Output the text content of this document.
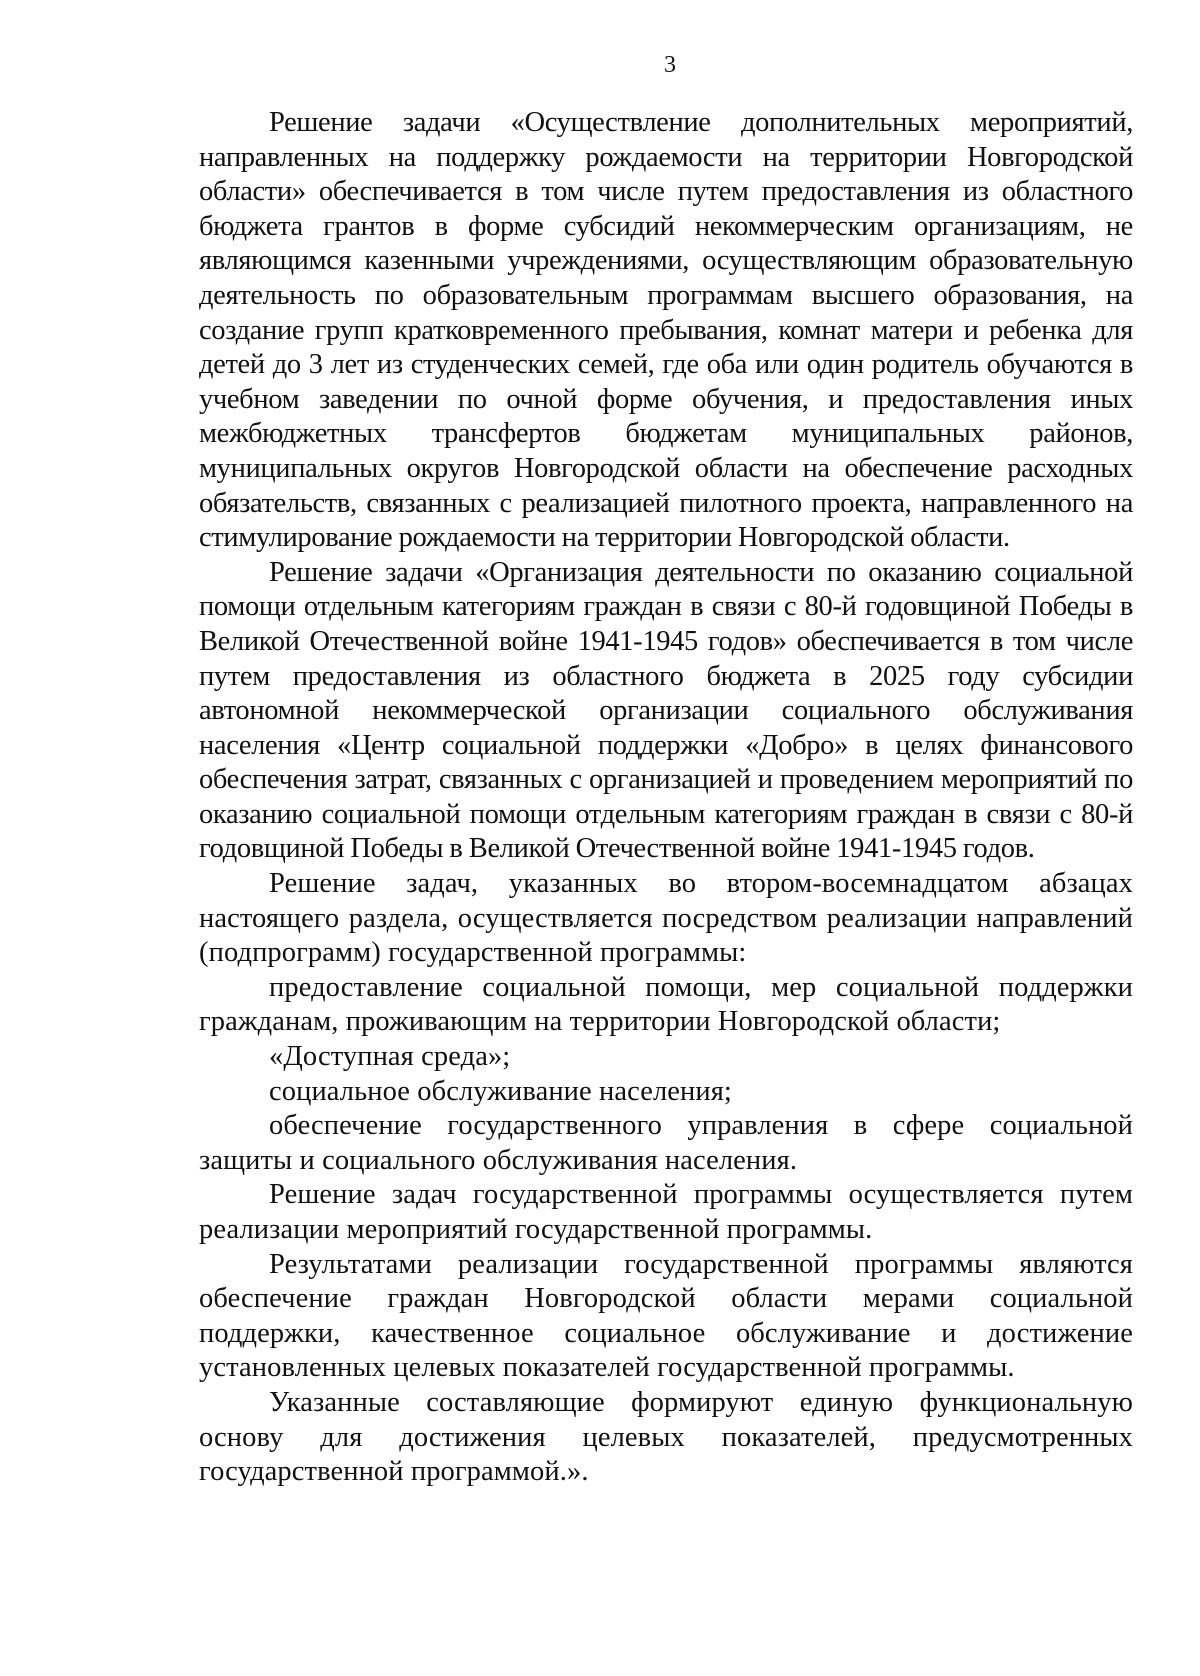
3

Решение задачи «Осуществление дополнительных мероприятий, направленных на поддержку рождаемости на территории Новгородской области» обеспечивается в том числе путем предоставления из областного бюджета грантов в форме субсидий некоммерческим организациям, не являющимся казенными учреждениями, осуществляющим образовательную деятельность по образовательным программам высшего образования, на создание групп кратковременного пребывания, комнат матери и ребенка для детей до 3 лет из студенческих семей, где оба или один родитель обучаются в учебном заведении по очной форме обучения, и предоставления иных межбюджетных трансфертов бюджетам муниципальных районов, муниципальных округов Новгородской области на обеспечение расходных обязательств, связанных с реализацией пилотного проекта, направленного на стимулирование рождаемости на территории Новгородской области.

Решение задачи «Организация деятельности по оказанию социальной помощи отдельным категориям граждан в связи с 80-й годовщиной Победы в Великой Отечественной войне 1941-1945 годов» обеспечивается в том числе путем предоставления из областного бюджета в 2025 году субсидии автономной некоммерческой организации социального обслуживания населения «Центр социальной поддержки «Добро» в целях финансового обеспечения затрат, связанных с организацией и проведением мероприятий по оказанию социальной помощи отдельным категориям граждан в связи с 80-й годовщиной Победы в Великой Отечественной войне 1941-1945 годов.

Решение задач, указанных во втором-восемнадцатом абзацах настоящего раздела, осуществляется посредством реализации направлений (подпрограмм) государственной программы:

предоставление социальной помощи, мер социальной поддержки гражданам, проживающим на территории Новгородской области;

«Доступная среда»;

социальное обслуживание населения;

обеспечение государственного управления в сфере социальной защиты и социального обслуживания населения.

Решение задач государственной программы осуществляется путем реализации мероприятий государственной программы.

Результатами реализации государственной программы являются обеспечение граждан Новгородской области мерами социальной поддержки, качественное социальное обслуживание и достижение установленных целевых показателей государственной программы.

Указанные составляющие формируют единую функциональную основу для достижения целевых показателей, предусмотренных государственной программой.».
